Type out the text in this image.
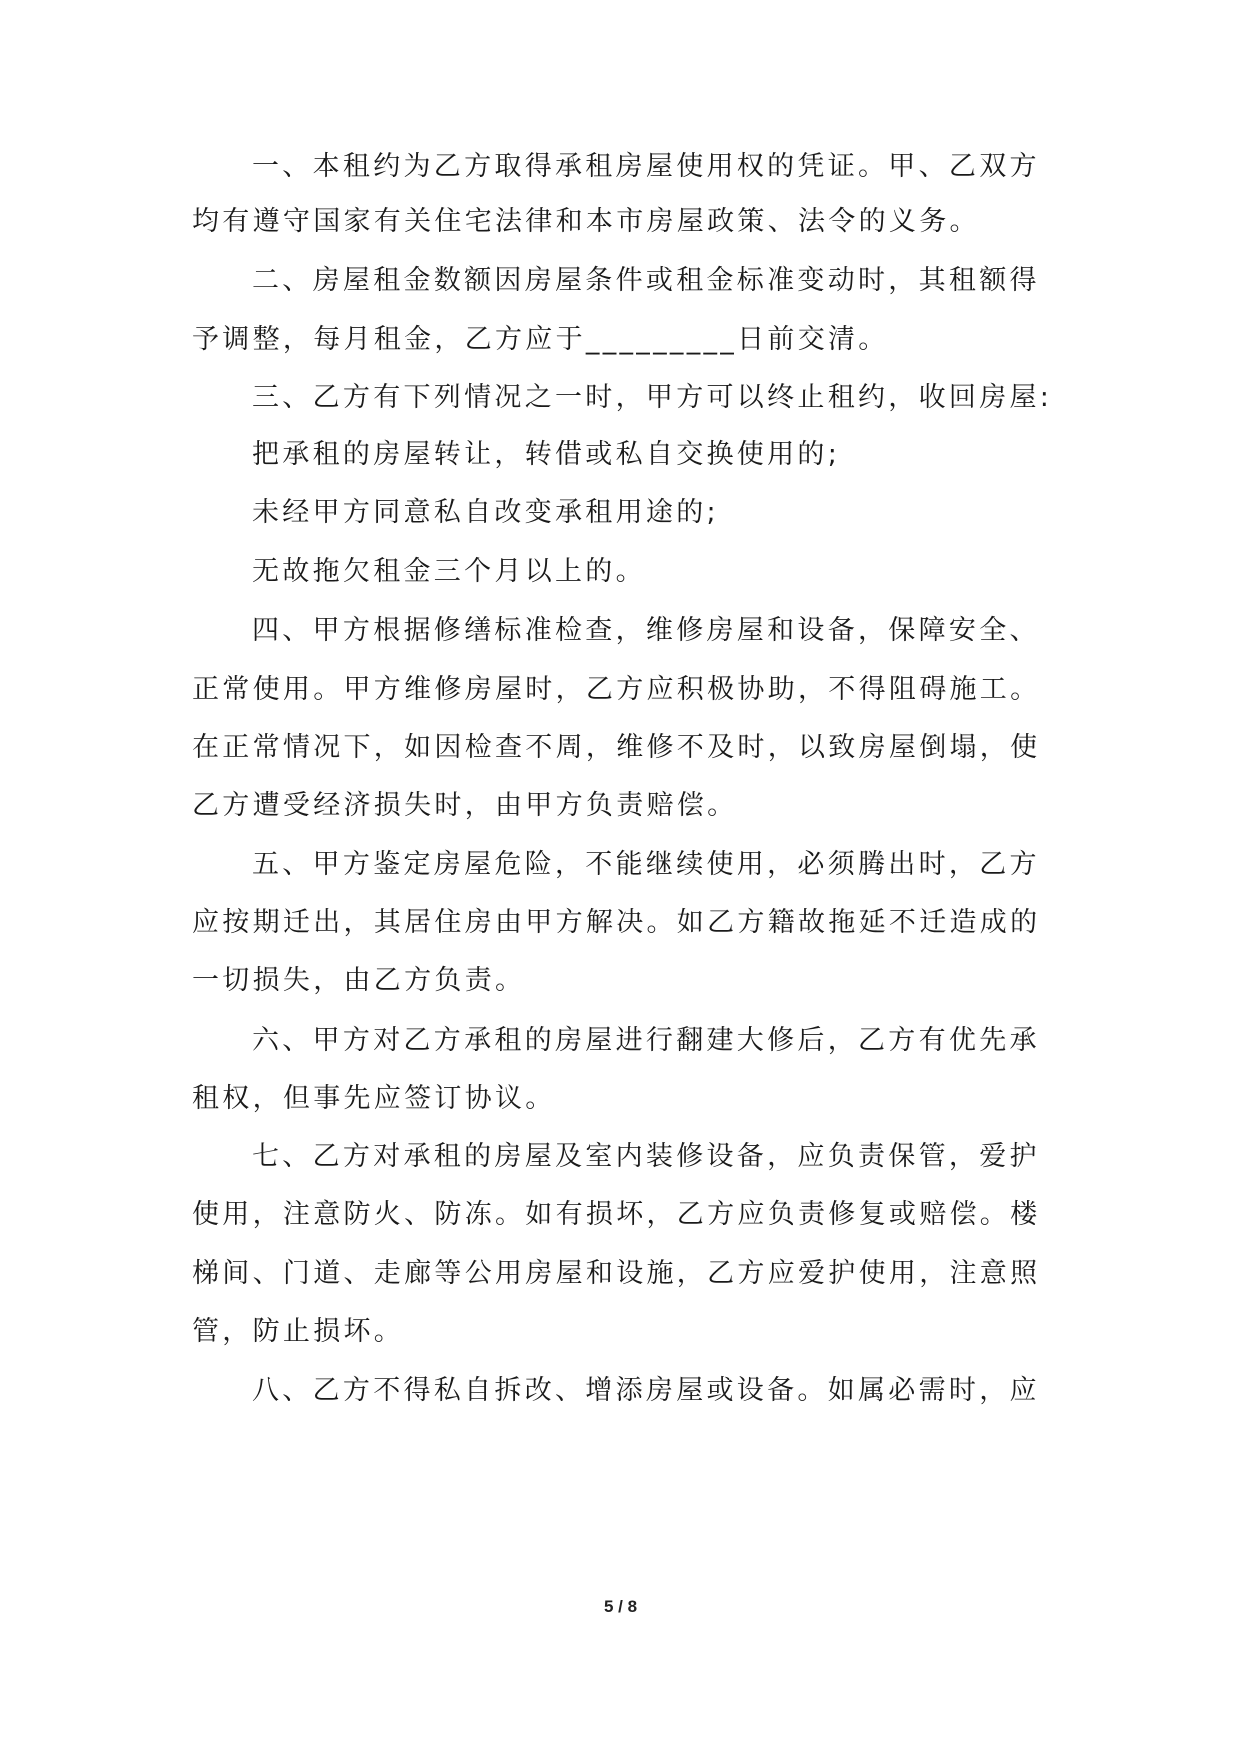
一、本租约为乙方取得承租房屋使用权的凭证。甲、乙双方

均有遵守国家有关住宅法律和本市房屋政策、法令的义务。

二、房屋租金数额因房屋条件或租金标准变动时，其租额得

予调整，每月租金，乙方应于_________日前交清。

三、乙方有下列情况之一时，甲方可以终止租约，收回房屋:

把承租的房屋转让，转借或私自交换使用的;

未经甲方同意私自改变承租用途的;

无故拖欠租金三个月以上的。

四、甲方根据修缮标准检查，维修房屋和设备，保障安全、

正常使用。甲方维修房屋时，乙方应积极协助，不得阻碍施工。

在正常情况下，如因检查不周，维修不及时，以致房屋倒塌，使

乙方遭受经济损失时，由甲方负责赔偿。

五、甲方鉴定房屋危险，不能继续使用，必须腾出时，乙方

应按期迁出，其居住房由甲方解决。如乙方籍故拖延不迁造成的

一切损失，由乙方负责。

六、甲方对乙方承租的房屋进行翻建大修后，乙方有优先承

租权，但事先应签订协议。

七、乙方对承租的房屋及室内装修设备，应负责保管，爱护

使用，注意防火、防冻。如有损坏，乙方应负责修复或赔偿。楼

梯间、门道、走廊等公用房屋和设施，乙方应爱护使用，注意照

管，防止损坏。

八、乙方不得私自拆改、增添房屋或设备。如属必需时，应

5 / 8
